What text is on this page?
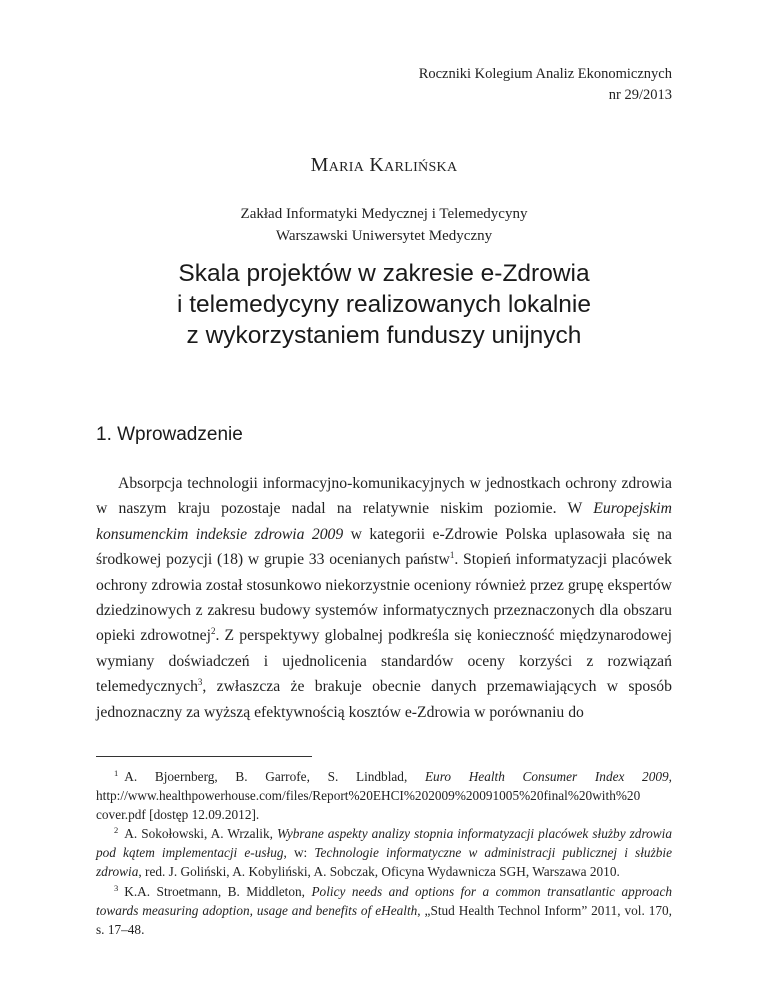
Roczniki Kolegium Analiz Ekonomicznych
nr 29/2013
Maria Karlińska
Zakład Informatyki Medycznej i Telemedycyny
Warszawski Uniwersytet Medyczny
Skala projektów w zakresie e-Zdrowia
i telemedycyny realizowanych lokalnie
z wykorzystaniem funduszy unijnych
1. Wprowadzenie

Absorpcja technologii informacyjno-komunikacyjnych w jednostkach ochrony zdrowia w naszym kraju pozostaje nadal na relatywnie niskim poziomie. W Europejskim konsumenckim indeksie zdrowia 2009 w kategorii e-Zdrowie Polska uplasowała się na środkowej pozycji (18) w grupie 33 ocenianych państw$^1$. Stopień informatyzacji placówek ochrony zdrowia został stosunkowo niekorzystnie oceniony również przez grupę ekspertów dziedzinowych z zakresu budowy systemów informatycznych przeznaczonych dla obszaru opieki zdrowotnej$^2$. Z perspektywy globalnej podkreśla się konieczność międzynarodowej wymiany doświadczeń i ujednolicenia standardów oceny korzyści z rozwiązań telemedycznych$^3$, zwłaszcza że brakuje obecnie danych przemawiających w sposób jednoznaczny za wyższą efektywnością kosztów e-Zdrowia w porównaniu do

$^1$ A. Bjoernberg, B. Garrofe, S. Lindblad, Euro Health Consumer Index 2009, http://www.healthpowerhouse.com/files/Report%20EHCI%202009%20091005%20final%20with%20 cover.pdf [dostęp 12.09.2012].

$^2$ A. Sokołowski, A. Wrzalik, Wybrane aspekty analizy stopnia informatyzacji placówek służby zdrowia pod kątem implementacji e-usług, w: Technologie informatyczne w administracji publicznej i służbie zdrowia, red. J. Goliński, A. Kobyliński, A. Sobczak, Oficyna Wydawnicza SGH, Warszawa 2010.

$^3$ K.A. Stroetmann, B. Middleton, Policy needs and options for a common transatlantic approach towards measuring adoption, usage and benefits of eHealth, „Stud Health Technol Inform” 2011, vol. 170, s. 17–48.
